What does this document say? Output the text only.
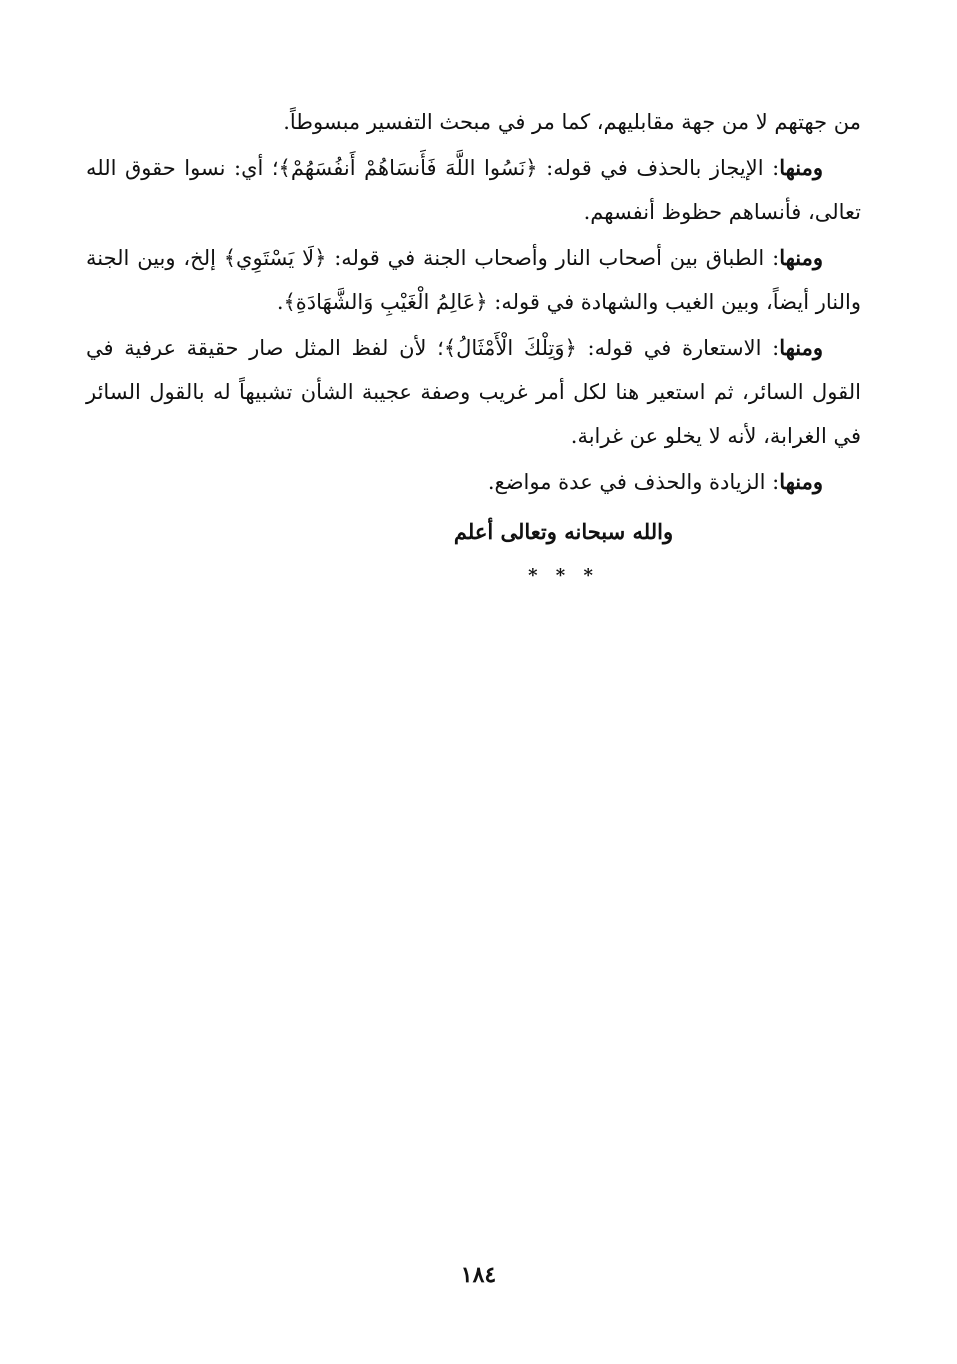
من جهتهم لا من جهة مقابليهم، كما مر في مبحث التفسير مبسوطاً.

ومنها: الإيجاز بالحذف في قوله: ﴿نَسُوا اللَّهَ فَأَنسَاهُمْ أَنفُسَهُمْ﴾؛ أي: نسوا حقوق الله تعالى، فأنساهم حظوظ أنفسهم.

ومنها: الطباق بين أصحاب النار وأصحاب الجنة في قوله: ﴿لَا يَسْتَوِي﴾ إلخ، وبين الجنة والنار أيضاً، وبين الغيب والشهادة في قوله: ﴿عَالِمُ الْغَيْبِ وَالشَّهَادَةِ﴾.

ومنها: الاستعارة في قوله: ﴿وَتِلْكَ الْأَمْثَالُ﴾؛ لأن لفظ المثل صار حقيقة عرفية في القول السائر، ثم استعير هنا لكل أمر غريب وصفة عجيبة الشأن تشبيهاً له بالقول السائر في الغرابة، لأنه لا يخلو عن غرابة.

ومنها: الزيادة والحذف في عدة مواضع.

والله سبحانه وتعالى أعلم
* * *
١٨٤
